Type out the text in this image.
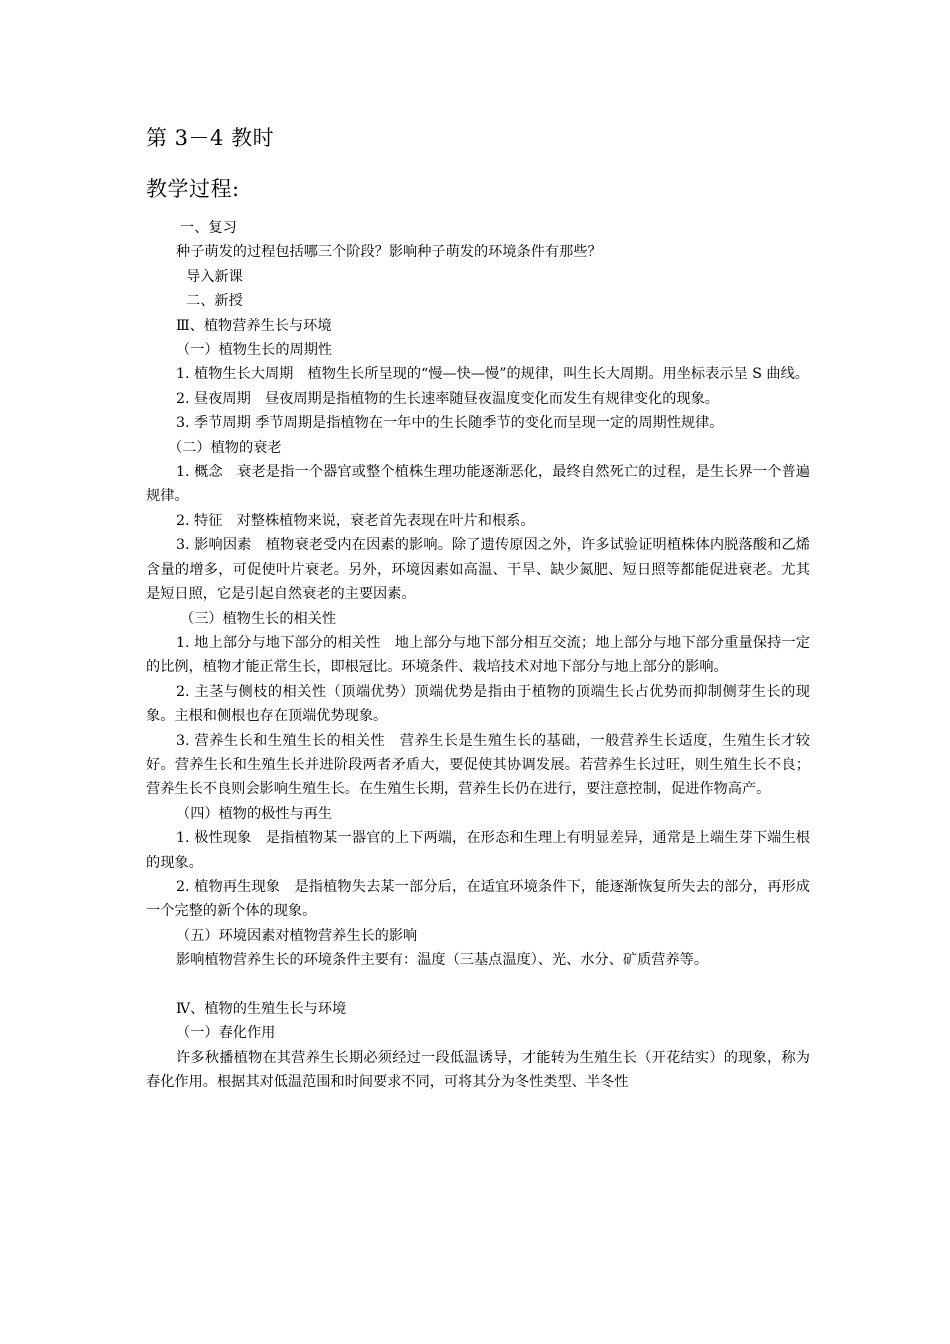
第 3－4 教时
教学过程:

一、复习

种子萌发的过程包括哪三个阶段？影响种子萌发的环境条件有那些？

导入新课

二、新授

Ⅲ、植物营养生长与环境

（一）植物生长的周期性

1. 植物生长大周期　植物生长所呈现的“慢—快—慢”的规律，叫生长大周期。用坐标表示呈 S 曲线。

2. 昼夜周期　昼夜周期是指植物的生长速率随昼夜温度变化而发生有规律变化的现象。

3. 季节周期 季节周期是指植物在一年中的生长随季节的变化而呈现一定的周期性规律。

（二）植物的衰老

1. 概念　衰老是指一个器官或整个植株生理功能逐渐恶化，最终自然死亡的过程，是生长界一个普遍规律。

2. 特征　对整株植物来说，衰老首先表现在叶片和根系。

3. 影响因素　植物衰老受内在因素的影响。除了遗传原因之外，许多试验证明植株体内脱落酸和乙烯含量的增多，可促使叶片衰老。另外，环境因素如高温、干旱、缺少氮肥、短日照等都能促进衰老。尤其是短日照，它是引起自然衰老的主要因素。

（三）植物生长的相关性

1. 地上部分与地下部分的相关性　地上部分与地下部分相互交流；地上部分与地下部分重量保持一定的比例，植物才能正常生长，即根冠比。环境条件、栽培技术对地下部分与地上部分的影响。

2. 主茎与侧枝的相关性（顶端优势）顶端优势是指由于植物的顶端生长占优势而抑制侧芽生长的现象。主根和侧根也存在顶端优势现象。

3. 营养生长和生殖生长的相关性　营养生长是生殖生长的基础，一般营养生长适度，生殖生长才较好。营养生长和生殖生长并进阶段两者矛盾大，要促使其协调发展。若营养生长过旺，则生殖生长不良；营养生长不良则会影响生殖生长。在生殖生长期，营养生长仍在进行，要注意控制，促进作物高产。

（四）植物的极性与再生

1. 极性现象　是指植物某一器官的上下两端，在形态和生理上有明显差异，通常是上端生芽下端生根的现象。

2. 植物再生现象　是指植物失去某一部分后，在适宜环境条件下，能逐渐恢复所失去的部分，再形成一个完整的新个体的现象。

（五）环境因素对植物营养生长的影响

影响植物营养生长的环境条件主要有：温度（三基点温度）、光、水分、矿质营养等。

Ⅳ、植物的生殖生长与环境

（一）春化作用

许多秋播植物在其营养生长期必须经过一段低温诱导，才能转为生殖生长（开花结实）的现象，称为春化作用。根据其对低温范围和时间要求不同，可将其分为冬性类型、半冬性
